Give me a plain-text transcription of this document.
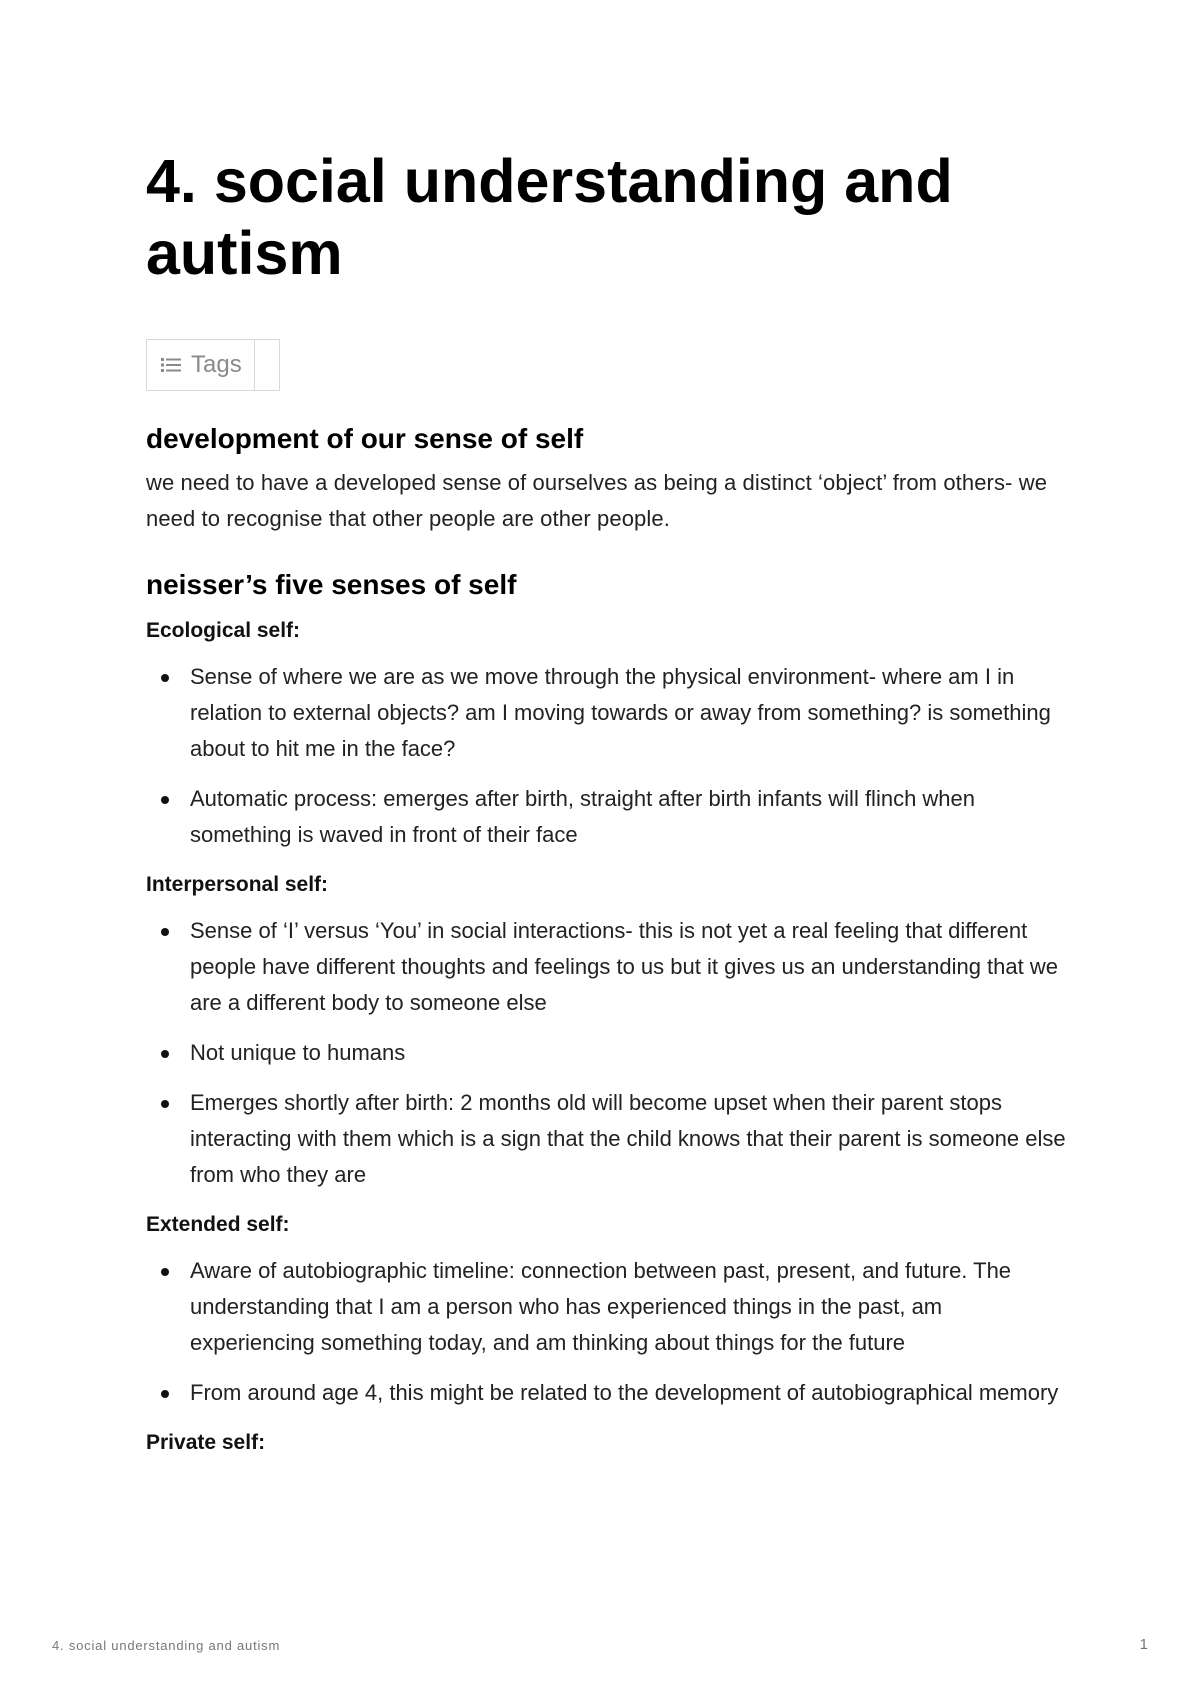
4. social understanding and autism
Tags
development of our sense of self

we need to have a developed sense of ourselves as being a distinct ‘object’ from others- we need to recognise that other people are other people.

neisser’s five senses of self
Ecological self:
Sense of where we are as we move through the physical environment- where am I in relation to external objects? am I moving towards or away from something? is something about to hit me in the face?
Automatic process: emerges after birth, straight after birth infants will flinch when something is waved in front of their face
Interpersonal self:
Sense of ‘I’ versus ‘You’ in social interactions- this is not yet a real feeling that different people have different thoughts and feelings to us but it gives us an understanding that we are a different body to someone else
Not unique to humans
Emerges shortly after birth: 2 months old will become upset when their parent stops interacting with them which is a sign that the child knows that their parent is someone else from who they are
Extended self:
Aware of autobiographic timeline: connection between past, present, and future. The understanding that I am a person who has experienced things in the past, am experiencing something today, and am thinking about things for the future
From around age 4, this might be related to the development of autobiographical memory
Private self:
4. social understanding and autism	1
